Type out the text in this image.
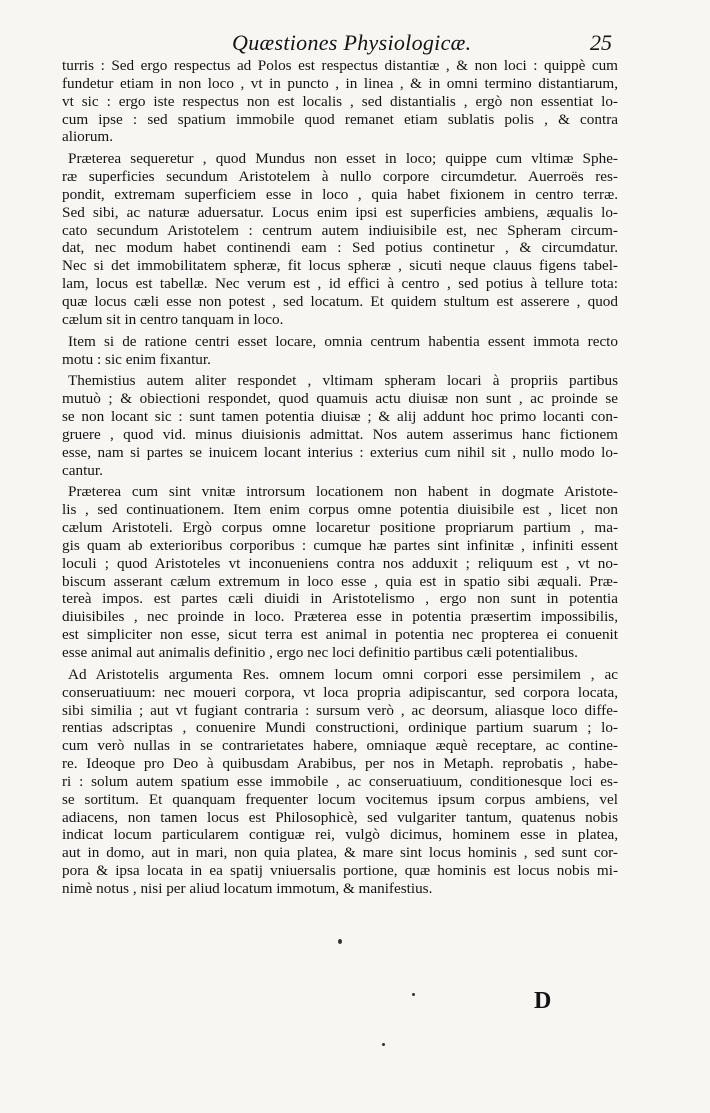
Quæstiones Physiologicæ.	25
turris : Sed ergo respectus ad Polos est respectus distantiæ , & non loci : quippè cum
fundetur etiam in non loco , vt in puncto , in linea , & in omni termino distantiarum,
vt sic : ergo iste respectus non est localis , sed distantialis , ergò non essentiat lo-
cum ipse : sed spatium immobile quod remanet etiam sublatis polis , & contra
aliorum.
Præterea sequeretur , quod Mundus non esset in loco; quippe cum vltimæ Sphe-
ræ superficies secundum Aristotelem à nullo corpore circumdetur. Auerroës res-
pondit, extremam superficiem esse in loco , quia habet fixionem in centro terræ.
Sed sibi, ac naturæ aduersatur. Locus enim ipsi est superficies ambiens, æqualis lo-
cato secundum Aristotelem : centrum autem indiuisibile est, nec Spheram circum-
dat, nec modum habet continendi eam : Sed potius continetur , & circumdatur.
Nec si det immobilitatem spheræ, fit locus spheræ , sicuti neque clauus figens tabel-
lam, locus est tabellæ. Nec verum est , id effici à centro , sed potius à tellure tota:
quæ locus cæli esse non potest , sed locatum. Et quidem stultum est asserere , quod
cælum sit in centro tanquam in loco.
Item si de ratione centri esset locare, omnia centrum habentia essent immota recto
motu : sic enim fixantur.
Themistius autem aliter respondet , vltimam spheram locari à propriis partibus
mutuò ; & obiectioni respondet, quod quamuis actu diuisæ non sunt , ac proinde se
se non locant sic : sunt tamen potentia diuisæ ; & alij addunt hoc primo locanti con-
gruere , quod vid. minus diuisionis admittat. Nos autem asserimus hanc fictionem
esse, nam si partes se inuicem locant interius : exterius cum nihil sit , nullo modo lo-
cantur.
Præterea cum sint vnitæ introrsum locationem non habent in dogmate Aristote-
lis , sed continuationem. Item enim corpus omne potentia diuisibile est , licet non
cælum Aristoteli. Ergò corpus omne locaretur positione propriarum partium , ma-
gis quam ab exterioribus corporibus : cumque hæ partes sint infinitæ , infiniti essent
loculi ; quod Aristoteles vt inconueniens contra nos adduxit ; reliquum est , vt no-
biscum asserant cælum extremum in loco esse , quia est in spatio sibi æquali. Præ-
tereà impos. est partes cæli diuidi in Aristotelismo , ergo non sunt in potentia
diuisibiles , nec proinde in loco. Præterea esse in potentia præsertim impossibilis,
est simpliciter non esse, sicut terra est animal in potentia nec propterea ei conuenit
esse animal aut animalis definitio , ergo nec loci definitio partibus cæli potentialibus.
Ad Aristotelis argumenta Res. omnem locum omni corpori esse persimilem , ac
conseruatiuum: nec moueri corpora, vt loca propria adipiscantur, sed corpora locata,
sibi similia ; aut vt fugiant contraria : sursum verò , ac deorsum, aliasque loco diffe-
rentias adscriptas , conuenire Mundi constructioni, ordinique partium suarum ; lo-
cum verò nullas in se contrarietates habere, omniaque æquè receptare, ac contine-
re. Ideoque pro Deo à quibusdam Arabibus, per nos in Metaph. reprobatis , habe-
ri : solum autem spatium esse immobile , ac conseruatiuum, conditionesque loci es-
se sortitum. Et quanquam frequenter locum vocitemus ipsum corpus ambiens, vel
adiacens, non tamen locus est Philosophicè, sed vulgariter tantum, quatenus nobis
indicat locum particularem contiguæ rei, vulgò dicimus, hominem esse in platea,
aut in domo, aut in mari, non quia platea, & mare sint locus hominis , sed sunt cor-
pora & ipsa locata in ea spatij vniuersalis portione, quæ hominis est locus nobis mi-
nimè notus , nisi per aliud locatum immotum, & manifestius.
D
